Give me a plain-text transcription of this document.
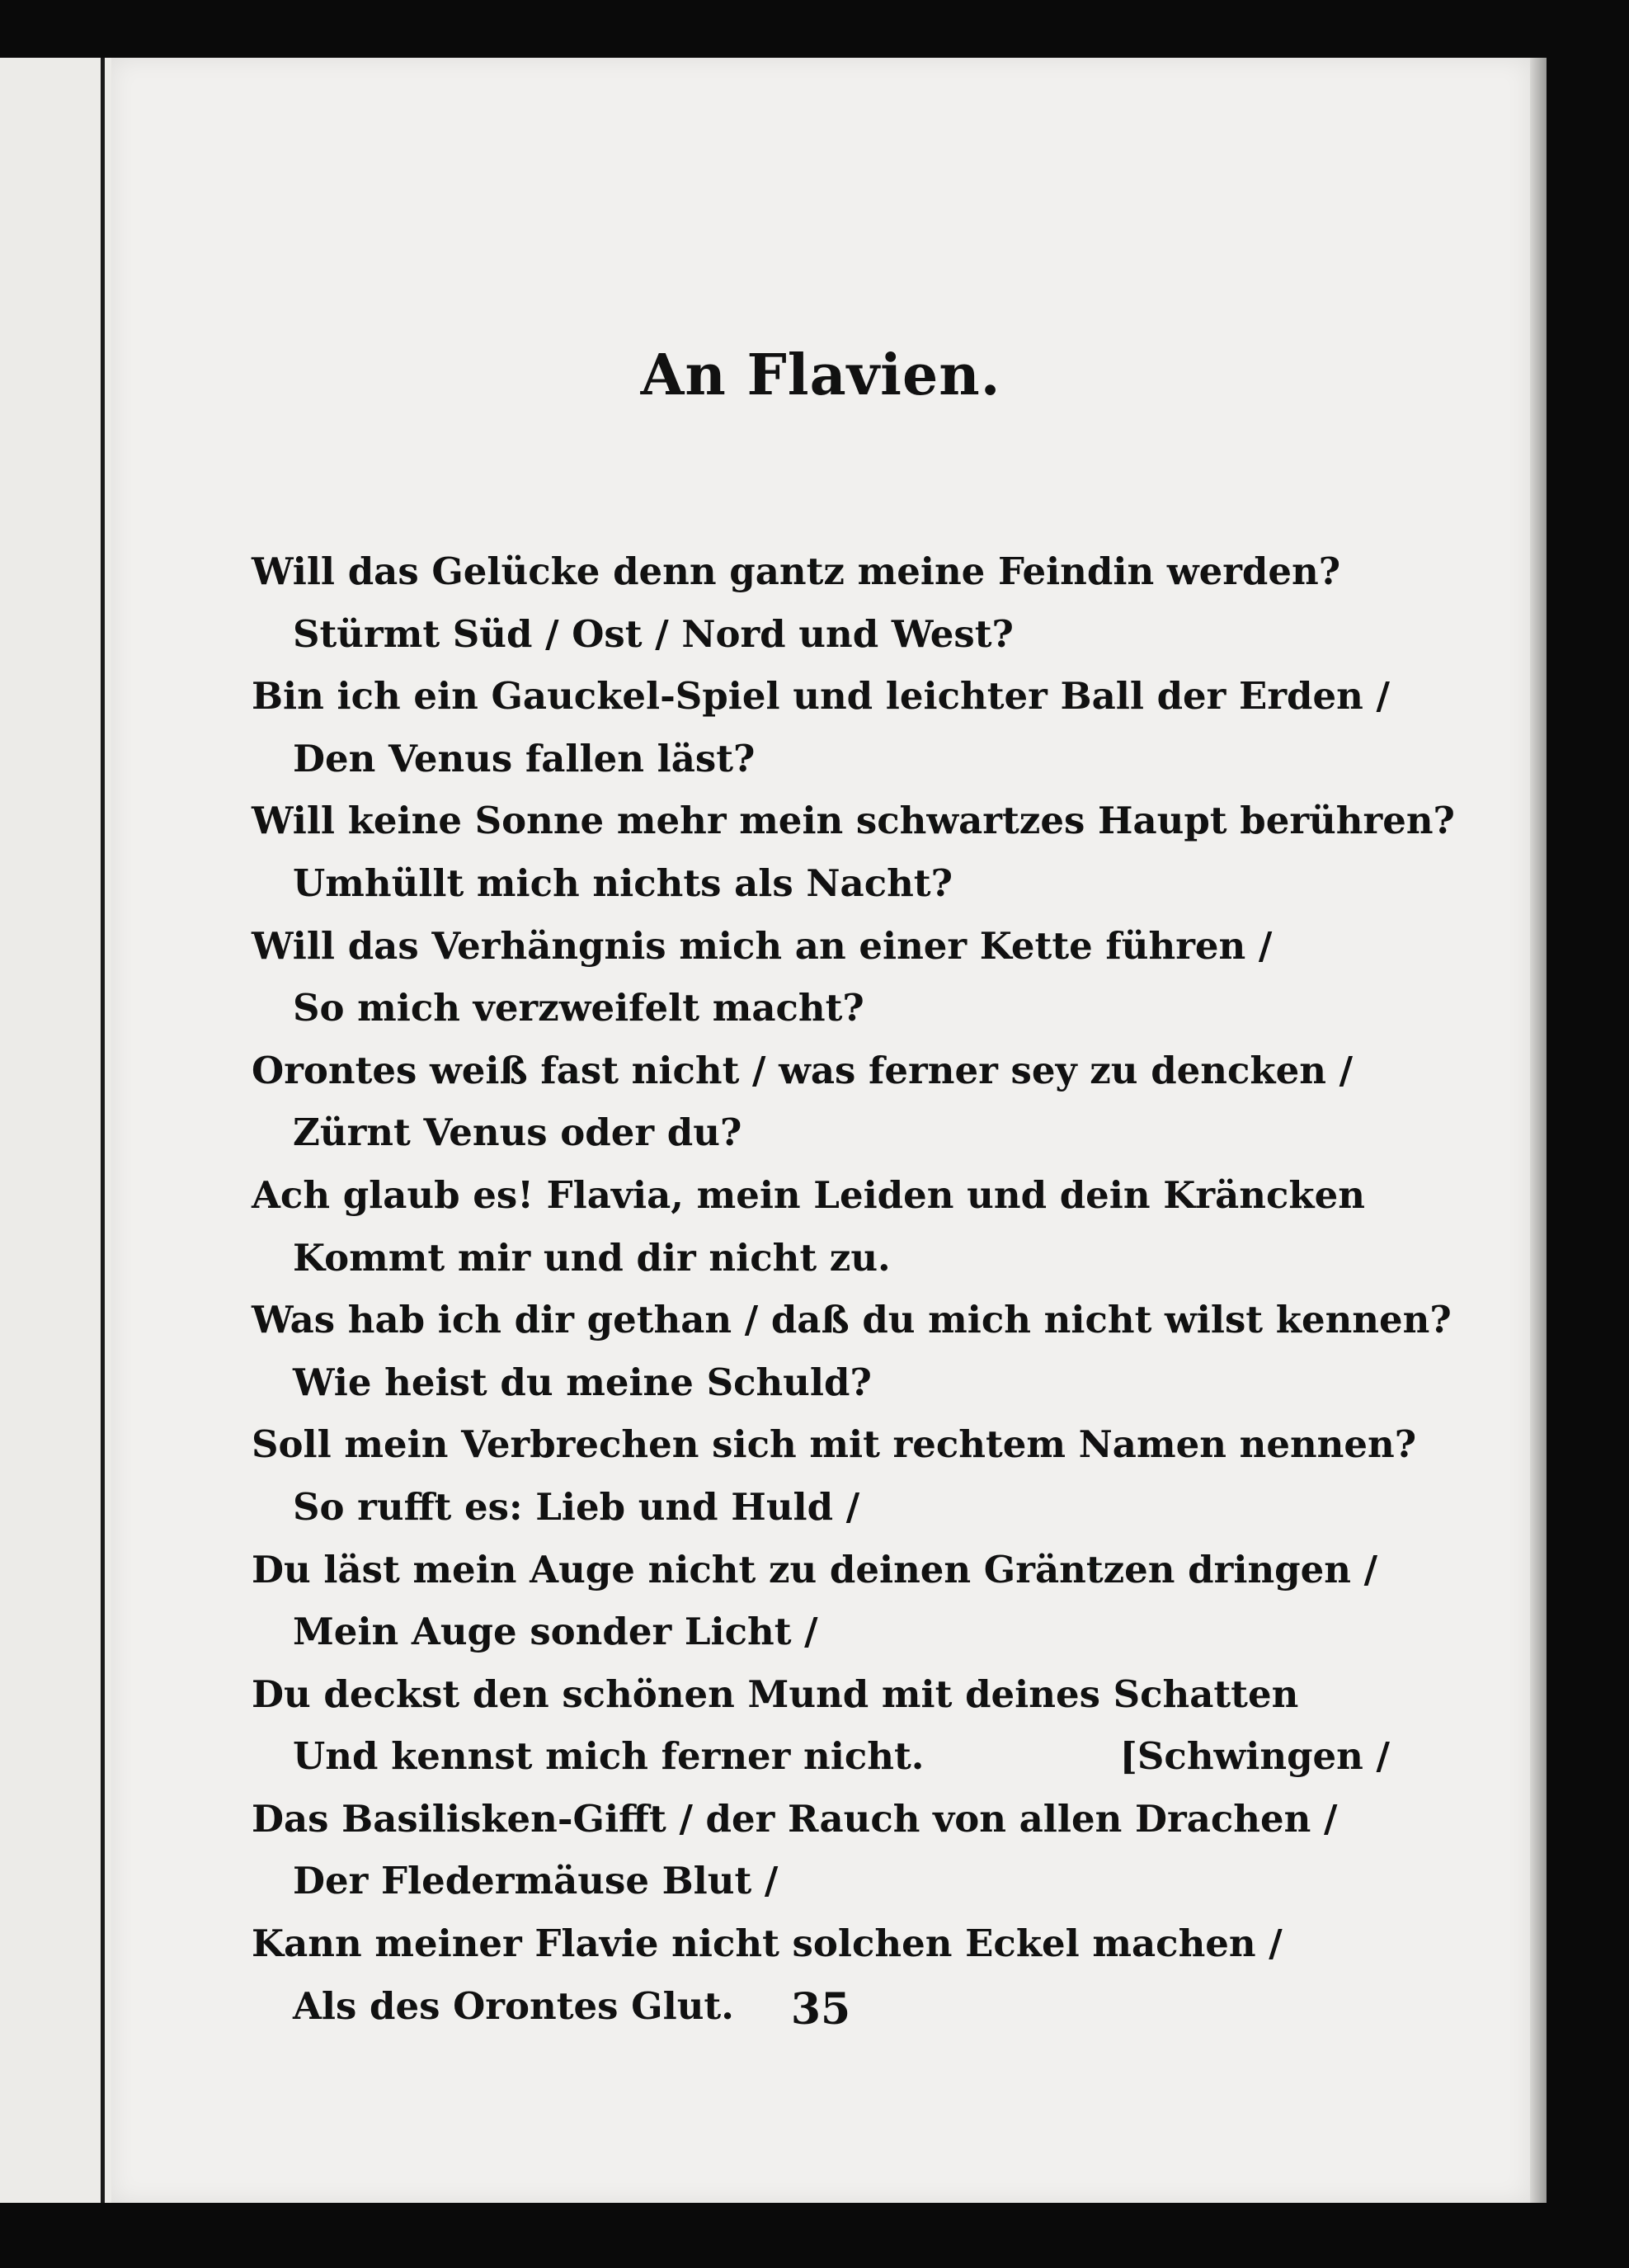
An Flavien.
Will das Gelücke denn gantz meine Feindin werden?
Stürmt Süd / Ost / Nord und West?
Bin ich ein Gauckel-Spiel und leichter Ball der Erden /
Den Venus fallen läst?
Will keine Sonne mehr mein schwartzes Haupt berühren?
Umhüllt mich nichts als Nacht?
Will das Verhängnis mich an einer Kette führen /
So mich verzweifelt macht?
Orontes weiß fast nicht / was ferner sey zu dencken /
Zürnt Venus oder du?
Ach glaub es! Flavia, mein Leiden und dein Kräncken
Kommt mir und dir nicht zu.
Was hab ich dir gethan / daß du mich nicht wilst kennen?
Wie heist du meine Schuld?
Soll mein Verbrechen sich mit rechtem Namen nennen?
So rufft es: Lieb und Huld /
Du läst mein Auge nicht zu deinen Gräntzen dringen /
Mein Auge sonder Licht /
Du deckst den schönen Mund mit deines Schatten
Und kennst mich ferner nicht.	[Schwingen /
Das Basilisken-Gifft / der Rauch von allen Drachen /
Der Fledermäuse Blut /
Kann meiner Flavie nicht solchen Eckel machen /
Als des Orontes Glut.	35
